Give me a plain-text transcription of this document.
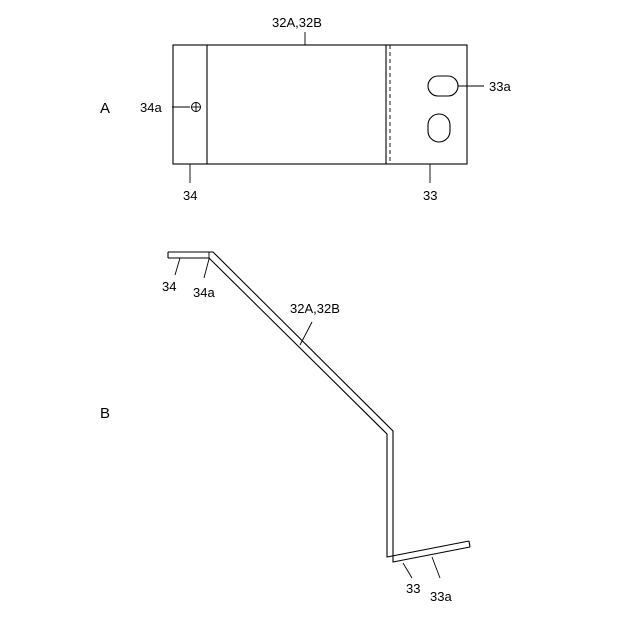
32A,32B
33a
34a
34	33
A
34 34a
32A,32B
33
33a
B
